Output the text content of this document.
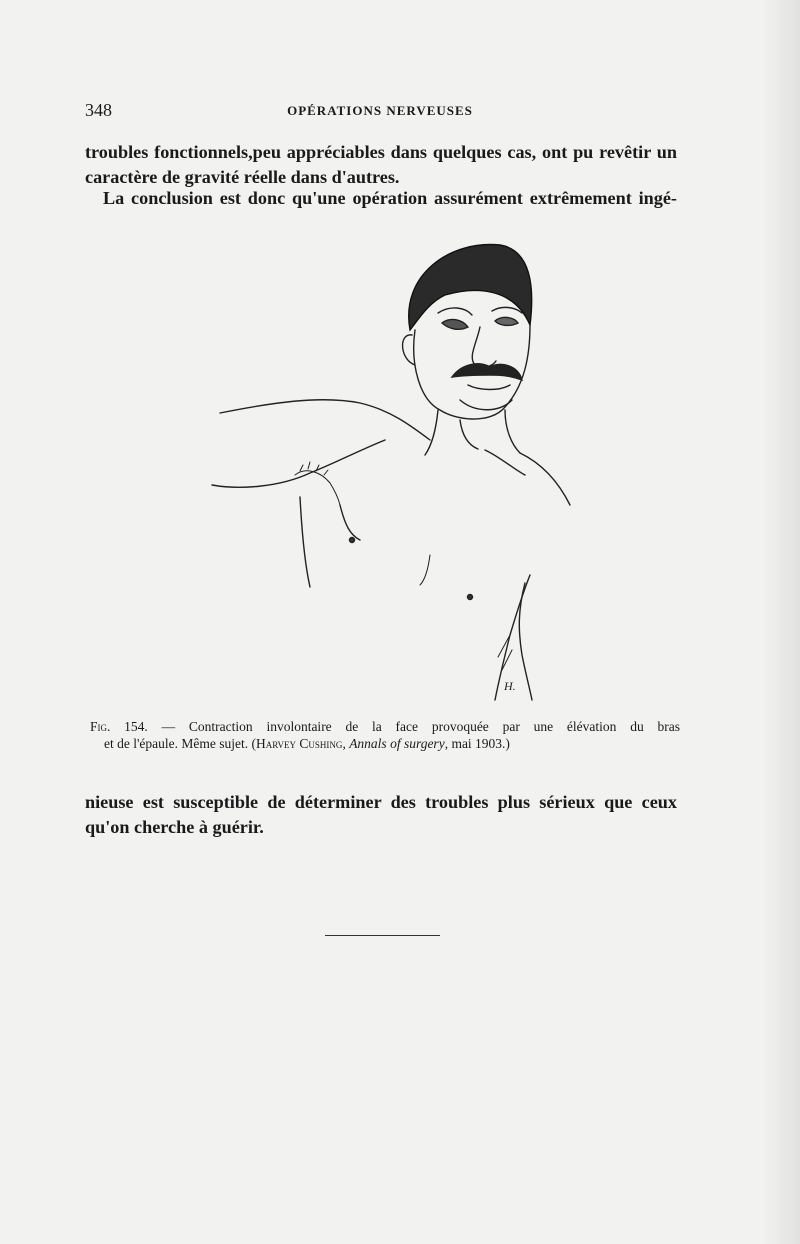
348	OPÉRATIONS NERVEUSES
troubles fonctionnels,peu appréciables dans quelques cas, ont pu revêtir un
caractère de gravité réelle dans d'autres.
La conclusion est donc qu'une opération assurément extrêmement ingé-
H.
Fig. 154. — Contraction involontaire de la face provoquée par une élévation du bras
et de l'épaule. Même sujet. (Harvey Cushing, Annals of surgery, mai 1903.)
nieuse est susceptible de déterminer des troubles plus sérieux que ceux
qu'on cherche à guérir.
